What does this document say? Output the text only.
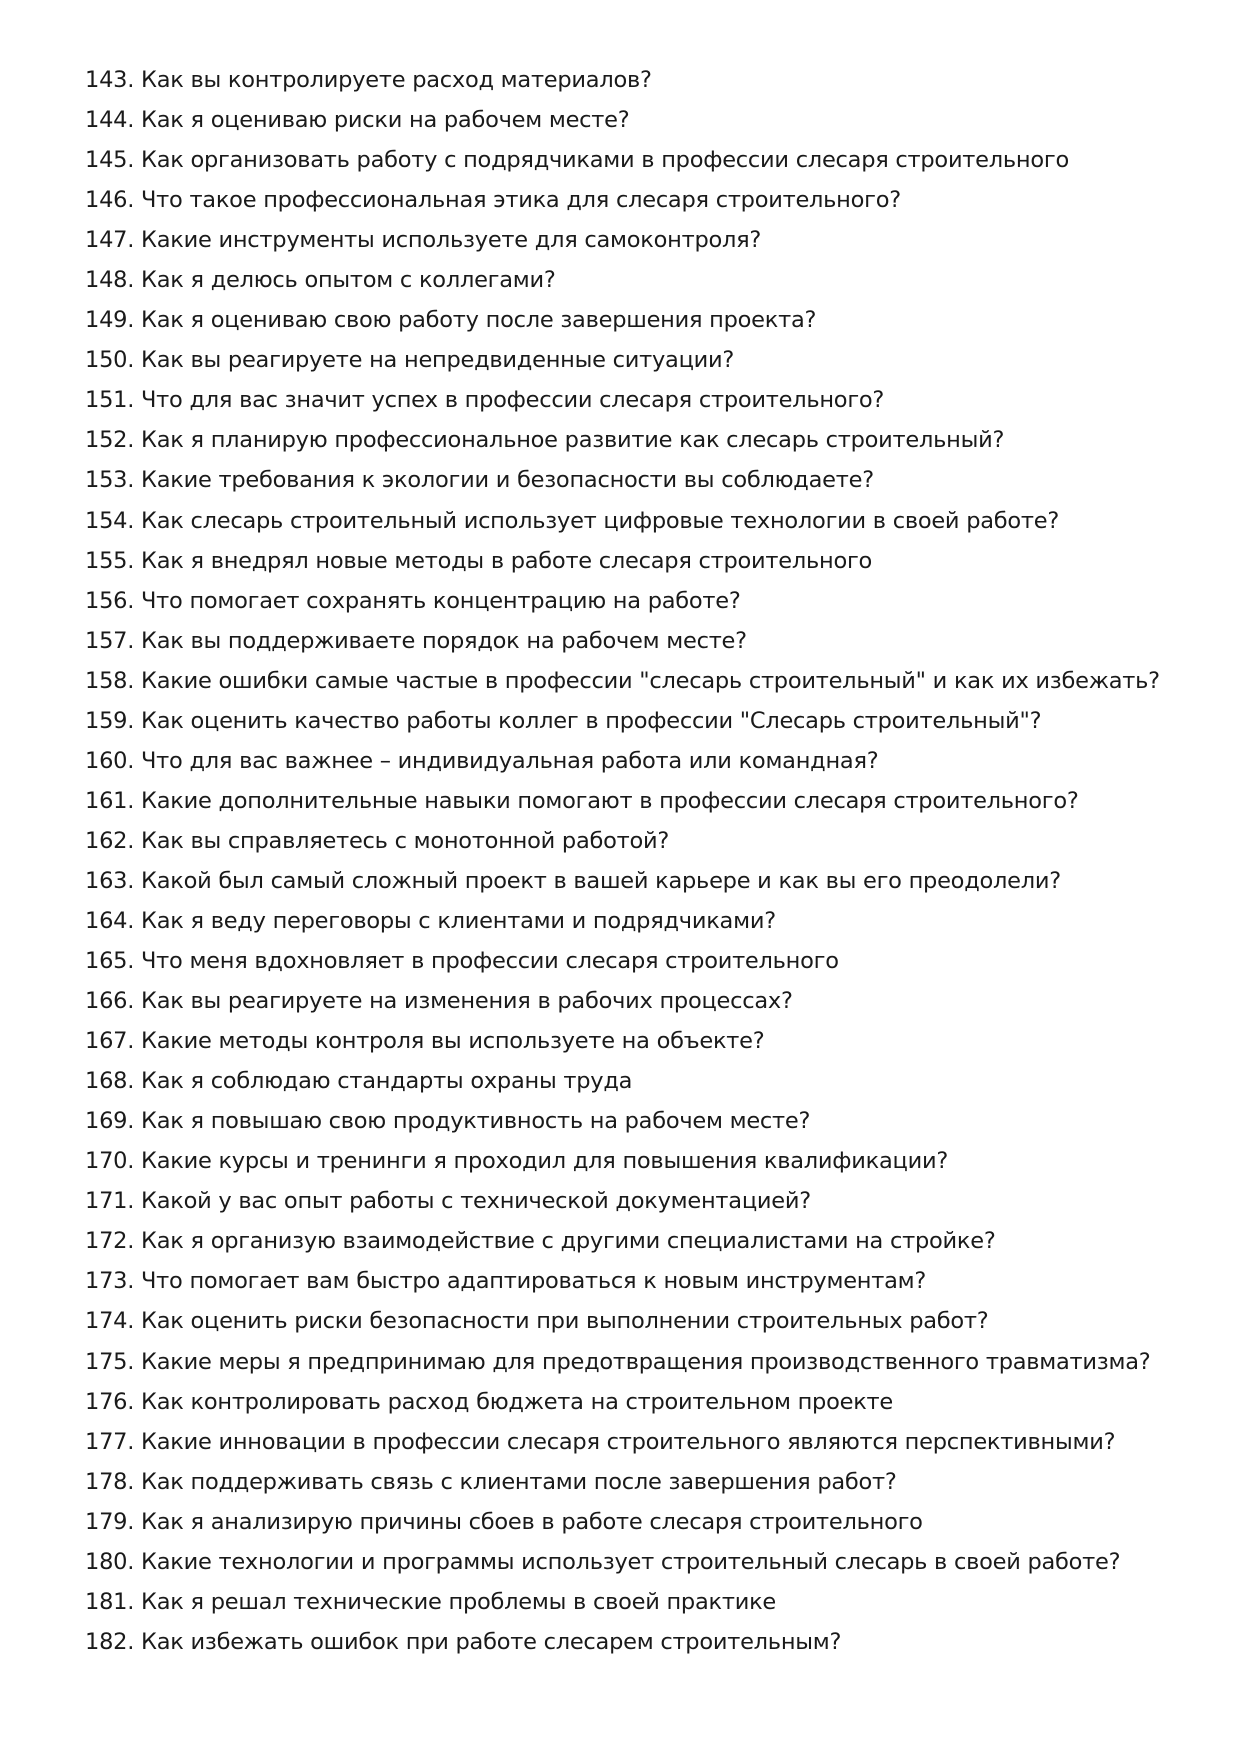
143. Как вы контролируете расход материалов?
144. Как я оцениваю риски на рабочем месте?
145. Как организовать работу с подрядчиками в профессии слесаря строительного
146. Что такое профессиональная этика для слесаря строительного?
147. Какие инструменты используете для самоконтроля?
148. Как я делюсь опытом с коллегами?
149. Как я оцениваю свою работу после завершения проекта?
150. Как вы реагируете на непредвиденные ситуации?
151. Что для вас значит успех в профессии слесаря строительного?
152. Как я планирую профессиональное развитие как слесарь строительный?
153. Какие требования к экологии и безопасности вы соблюдаете?
154. Как слесарь строительный использует цифровые технологии в своей работе?
155. Как я внедрял новые методы в работе слесаря строительного
156. Что помогает сохранять концентрацию на работе?
157. Как вы поддерживаете порядок на рабочем месте?
158. Какие ошибки самые частые в профессии "слесарь строительный" и как их избежать?
159. Как оценить качество работы коллег в профессии "Слесарь строительный"?
160. Что для вас важнее – индивидуальная работа или командная?
161. Какие дополнительные навыки помогают в профессии слесаря строительного?
162. Как вы справляетесь с монотонной работой?
163. Какой был самый сложный проект в вашей карьере и как вы его преодолели?
164. Как я веду переговоры с клиентами и подрядчиками?
165. Что меня вдохновляет в профессии слесаря строительного
166. Как вы реагируете на изменения в рабочих процессах?
167. Какие методы контроля вы используете на объекте?
168. Как я соблюдаю стандарты охраны труда
169. Как я повышаю свою продуктивность на рабочем месте?
170. Какие курсы и тренинги я проходил для повышения квалификации?
171. Какой у вас опыт работы с технической документацией?
172. Как я организую взаимодействие с другими специалистами на стройке?
173. Что помогает вам быстро адаптироваться к новым инструментам?
174. Как оценить риски безопасности при выполнении строительных работ?
175. Какие меры я предпринимаю для предотвращения производственного травматизма?
176. Как контролировать расход бюджета на строительном проекте
177. Какие инновации в профессии слесаря строительного являются перспективными?
178. Как поддерживать связь с клиентами после завершения работ?
179. Как я анализирую причины сбоев в работе слесаря строительного
180. Какие технологии и программы использует строительный слесарь в своей работе?
181. Как я решал технические проблемы в своей практике
182. Как избежать ошибок при работе слесарем строительным?
